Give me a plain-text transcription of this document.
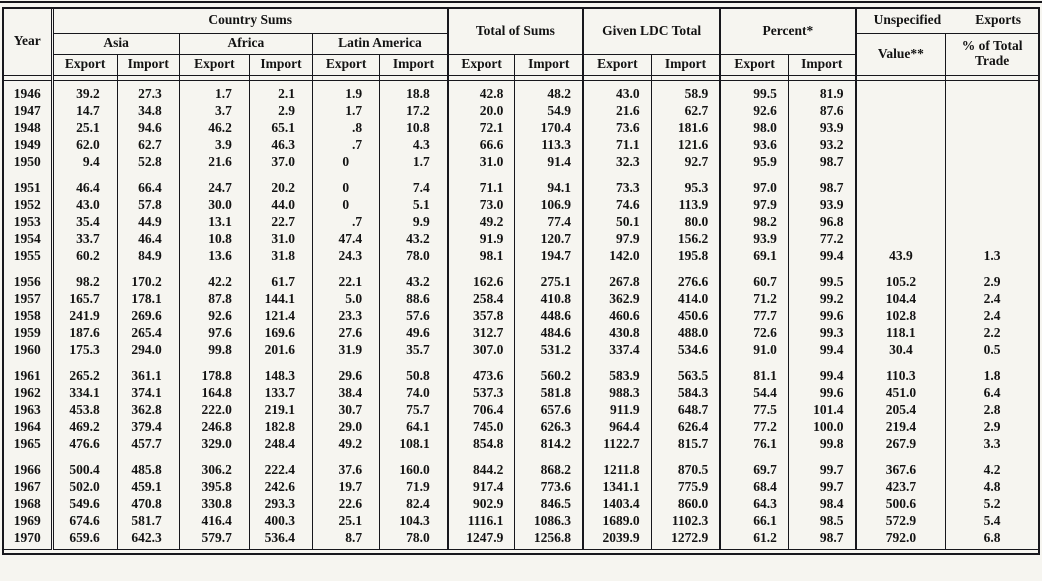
Year	Country Sums						Total of Sums		Given LDC Total		Percent*		Unspecified Exports	

	Asia		Africa		Latin America								Value**	% of Total Trade
	Export	Import	Export	Import	Export	Import	Export	Import	Export	Import	Export	Import		

1946	39.2	27.3	1.7	2.1	1.9	18.8	42.8	48.2	43.0	58.9	99.5	81.9		
1947	14.7	34.8	3.7	2.9	1.7	17.2	20.0	54.9	21.6	62.7	92.6	87.6		
1948	25.1	94.6	46.2	65.1	.8	10.8	72.1	170.4	73.6	181.6	98.0	93.9		
1949	62.0	62.7	3.9	46.3	.7	4.3	66.6	113.3	71.1	121.6	93.6	93.2		
1950	9.4	52.8	21.6	37.0	0	1.7	31.0	91.4	32.3	92.7	95.9	98.7		
1951	46.4	66.4	24.7	20.2	0	7.4	71.1	94.1	73.3	95.3	97.0	98.7		
1952	43.0	57.8	30.0	44.0	0	5.1	73.0	106.9	74.6	113.9	97.9	93.9		
1953	35.4	44.9	13.1	22.7	.7	9.9	49.2	77.4	50.1	80.0	98.2	96.8		
1954	33.7	46.4	10.8	31.0	47.4	43.2	91.9	120.7	97.9	156.2	93.9	77.2		
1955	60.2	84.9	13.6	31.8	24.3	78.0	98.1	194.7	142.0	195.8	69.1	99.4	43.9	1.3
1956	98.2	170.2	42.2	61.7	22.1	43.2	162.6	275.1	267.8	276.6	60.7	99.5	105.2	2.9
1957	165.7	178.1	87.8	144.1	5.0	88.6	258.4	410.8	362.9	414.0	71.2	99.2	104.4	2.4
1958	241.9	269.6	92.6	121.4	23.3	57.6	357.8	448.6	460.6	450.6	77.7	99.6	102.8	2.4
1959	187.6	265.4	97.6	169.6	27.6	49.6	312.7	484.6	430.8	488.0	72.6	99.3	118.1	2.2
1960	175.3	294.0	99.8	201.6	31.9	35.7	307.0	531.2	337.4	534.6	91.0	99.4	30.4	0.5
1961	265.2	361.1	178.8	148.3	29.6	50.8	473.6	560.2	583.9	563.5	81.1	99.4	110.3	1.8
1962	334.1	374.1	164.8	133.7	38.4	74.0	537.3	581.8	988.3	584.3	54.4	99.6	451.0	6.4
1963	453.8	362.8	222.0	219.1	30.7	75.7	706.4	657.6	911.9	648.7	77.5	101.4	205.4	2.8
1964	469.2	379.4	246.8	182.8	29.0	64.1	745.0	626.3	964.4	626.4	77.2	100.0	219.4	2.9
1965	476.6	457.7	329.0	248.4	49.2	108.1	854.8	814.2	1122.7	815.7	76.1	99.8	267.9	3.3
1966	500.4	485.8	306.2	222.4	37.6	160.0	844.2	868.2	1211.8	870.5	69.7	99.7	367.6	4.2
1967	502.0	459.1	395.8	242.6	19.7	71.9	917.4	773.6	1341.1	775.9	68.4	99.7	423.7	4.8
1968	549.6	470.8	330.8	293.3	22.6	82.4	902.9	846.5	1403.4	860.0	64.3	98.4	500.6	5.2
1969	674.6	581.7	416.4	400.3	25.1	104.3	1116.1	1086.3	1689.0	1102.3	66.1	98.5	572.9	5.4
1970	659.6	642.3	579.7	536.4	8.7	78.0	1247.9	1256.8	2039.9	1272.9	61.2	98.7	792.0	6.8
